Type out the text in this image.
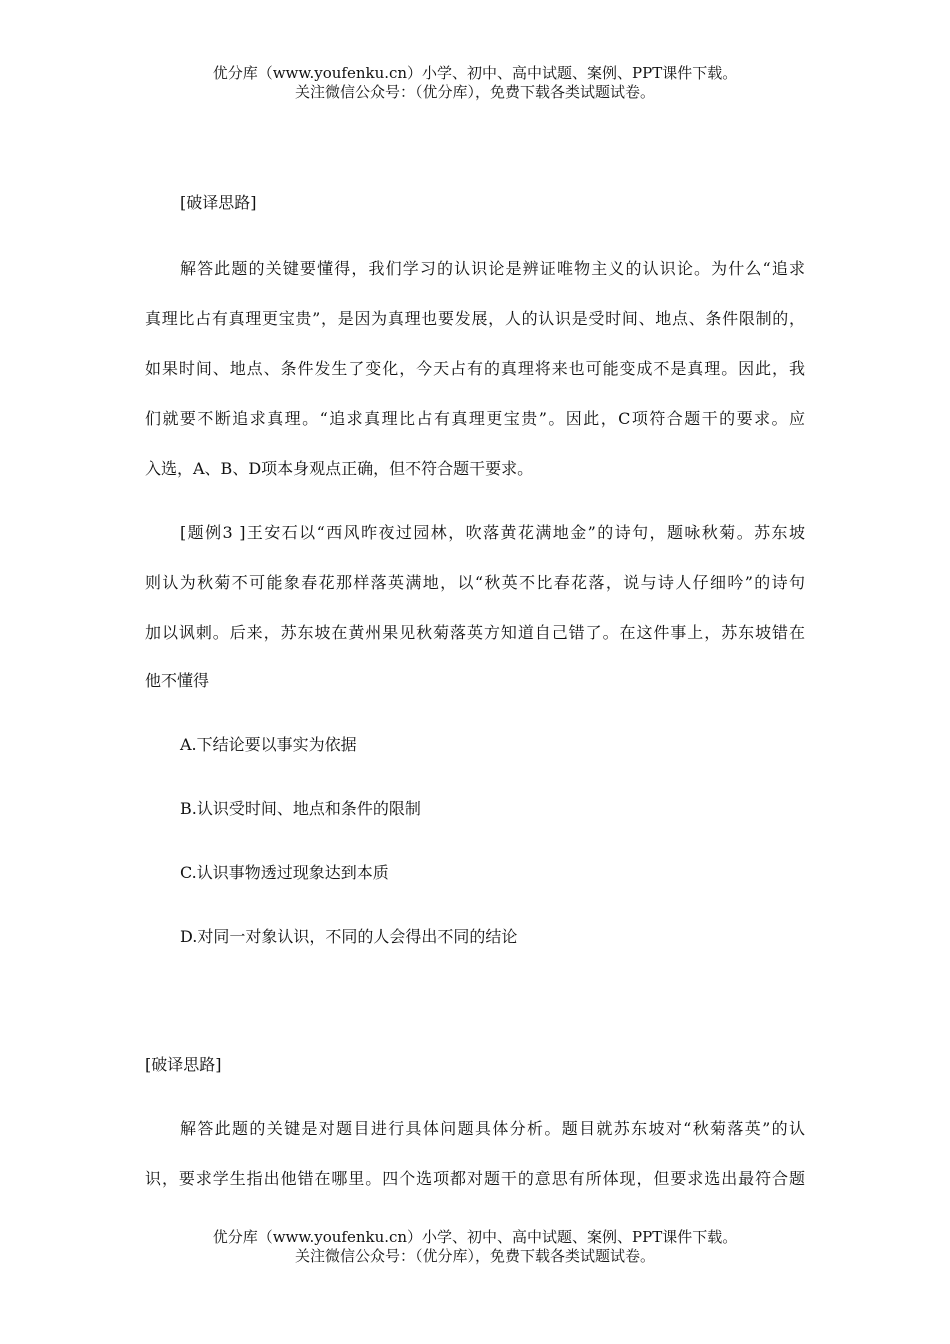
优分库（www.youfenku.cn）小学、初中、高中试题、案例、PPT课件下载。
关注微信公众号：（优分库），免费下载各类试题试卷。
[破译思路]
解答此题的关键要懂得，我们学习的认识论是辨证唯物主义的认识论。为什么“追求
真理比占有真理更宝贵”，是因为真理也要发展，人的认识是受时间、地点、条件限制的，
如果时间、地点、条件发生了变化，今天占有的真理将来也可能变成不是真理。因此，我
们就要不断追求真理。“追求真理比占有真理更宝贵”。因此，C项符合题干的要求。应
入选，A、B、D项本身观点正确，但不符合题干要求。
[题例3 ]王安石以“西风昨夜过园林，吹落黄花满地金”的诗句，题咏秋菊。苏东坡
则认为秋菊不可能象春花那样落英满地，以“秋英不比春花落，说与诗人仔细吟”的诗句
加以讽刺。后来，苏东坡在黄州果见秋菊落英方知道自己错了。在这件事上，苏东坡错在
他不懂得
A.下结论要以事实为依据
B.认识受时间、地点和条件的限制
C.认识事物透过现象达到本质
D.对同一对象认识，不同的人会得出不同的结论
[破译思路]
解答此题的关键是对题目进行具体问题具体分析。题目就苏东坡对“秋菊落英”的认
识，要求学生指出他错在哪里。四个选项都对题干的意思有所体现，但要求选出最符合题
优分库（www.youfenku.cn）小学、初中、高中试题、案例、PPT课件下载。
关注微信公众号：（优分库），免费下载各类试题试卷。
